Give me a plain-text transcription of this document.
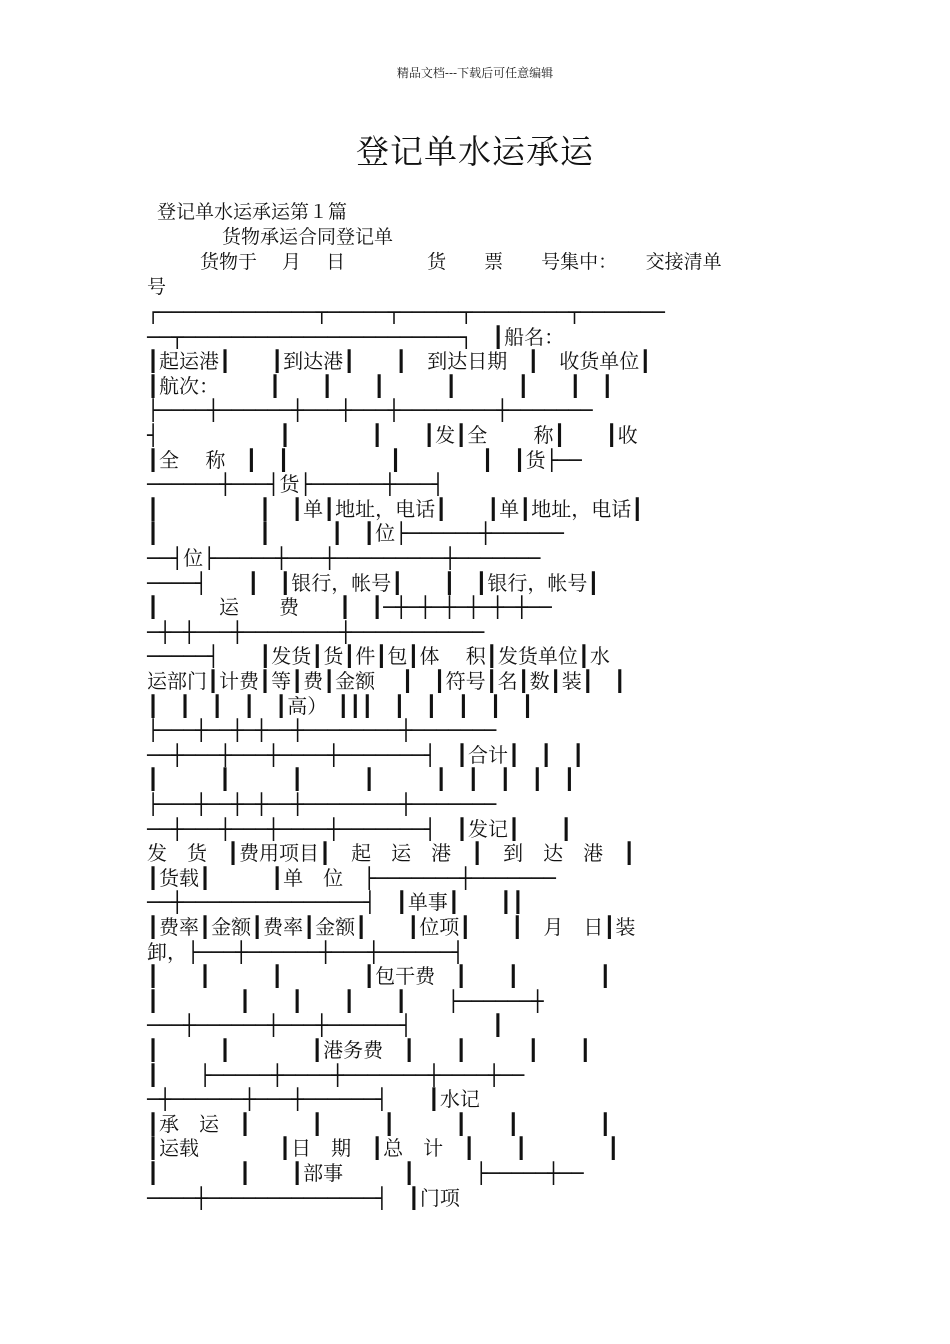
精品文档---下载后可任意编辑
登记单水运承运
登记单水运承运第１篇
货物承运合同登记单
货物于　 月　 日　　　　 货　　票　　号集中：　　交接清单
号
┌─────────────┬─────┬─────┬────────┬───────
──┬───────────────────────┐　┃船名：
┃起运港┃　　┃到达港┃　　┃　到达日期　┃　收货单位┃
┃航次：　　　┃　　┃　　┃　　　┃　　　┃　　┃　┃
├────┼──────┼───┼───┼────────┼───────
┤　　　　　　┃　　　　┃　　┃发┃全　　 称┃　　┃收
┃全　 称　┃　┃　　　　　┃　　　　┃　┃货├──
──────┼───┤货├──────┼───┤
┃　　　　　┃　┃单┃地址，电话┃　　┃单┃地址，电话┃
┃　　　　　┃　　　┃　┃位├──────┼──────
──┤位├─────┼───┼─────────┼───────
────┤　　┃　┃银行，帐号┃　　┃　┃银行，帐号┃
┃　　　运　　费　　┃　┃─┼─┼─┼─┼─┼─┼──
─┼─┼───┼────────┼───────────
─────┤　　┃发货┃货┃件┃包┃体　 积┃发货单位┃水
运部门┃计费┃等┃费┃金额　 ┃　┃符号┃名┃数┃装┃　┃
┃　┃　┃　┃　┃高）　┃┃┃　┃　┃　┃　┃　┃
├───┼──┼─┼──┼────────┼───────
──┼───┼───┼────┼───────┤　┃合计┃　┃　┃
┃　　　┃　　　┃　　　┃　　　┃　┃　┃　┃　┃
├───┼──┼─┼──┼────────┼───────
──┼───┼───┼────┼───────┤　┃发记┃　　┃
发　货　┃费用项目┃　起　运　港　┃　到　达　港　┃
┃货载┃　　　┃单　位　├───────┼───────
──┼───────────────┤　┃单事┃　　┃┃
┃费率┃金额┃费率┃金额┃　　┃位项┃　　┃　月　日┃装
卸，├───┼──────┼───┼──────┤
┃　　┃　　　┃　　　　┃包干费　┃　　┃　　　　┃
┃　　　　┃　　┃　　┃　　┃　　├──────┼
───┼──────┼───┼──────┤　　　　┃
┃　　　┃　　　　┃港务费　┃　　┃　　　┃　　┃
┃　　├─────┼────┼───────┼────┼──
─┼──────┼───┼──────┤　　┃水记
┃承　运　┃　　　┃　　　┃　　　┃　　┃　　　　┃
┃运载　　　　┃日　期　┃总　计　┃　　┃　　　　┃
┃　　　　┃　　┃部事　　　┃　　　├─────┼──
────┼──────────────┤　┃门项
